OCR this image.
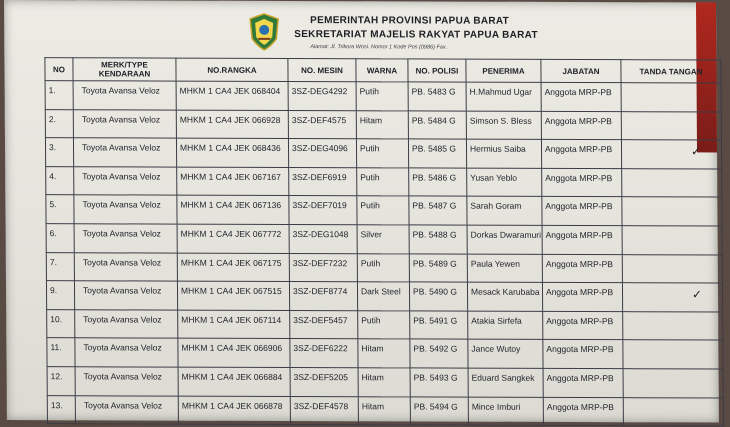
PEMERINTAH PROVINSI PAPUA BARAT
SEKRETARIAT MAJELIS RAKYAT PAPUA BARAT
Alamat: Jl. Trikora Wosi. Nomor 1 Kode Pos (0986) Fax.
NO	MERK/TYPE KENDARAAN	NO.RANGKA	NO. MESIN	WARNA	NO. POLISI	PENERIMA	JABATAN	TANDA TANGAN
1.	Toyota Avansa Veloz	MHKM 1 CA4 JEK 068404	3SZ-DEG4292	Putih	PB. 5483 G	H.Mahmud Ugar	Anggota MRP-PB	
2.	Toyota Avansa Veloz	MHKM 1 CA4 JEK 066928	3SZ-DEF4575	Hitam	PB. 5484 G	Simson S. Bless	Anggota MRP-PB	
3.	Toyota Avansa Veloz	MHKM 1 CA4 JEK 068436	3SZ-DEG4096	Putih	PB. 5485 G	Hermius Saiba	Anggota MRP-PB	✓
4.	Toyota Avansa Veloz	MHKM 1 CA4 JEK 067167	3SZ-DEF6919	Putih	PB. 5486 G	Yusan Yeblo	Anggota MRP-PB	
5.	Toyota Avansa Veloz	MHKM 1 CA4 JEK 067136	3SZ-DEF7019	Putih	PB. 5487 G	Sarah Goram	Anggota MRP-PB	
6.	Toyota Avansa Veloz	MHKM 1 CA4 JEK 067772	3SZ-DEG1048	Silver	PB. 5488 G	Dorkas Dwaramuri	Anggota MRP-PB	
7.	Toyota Avansa Veloz	MHKM 1 CA4 JEK 067175	3SZ-DEF7232	Putih	PB. 5489 G	Paula Yewen	Anggota MRP-PB	
9.	Toyota Avansa Veloz	MHKM 1 CA4 JEK 067515	3SZ-DEF8774	Dark Steel	PB. 5490 G	Mesack Karubaba	Anggota MRP-PB	✓
10.	Toyota Avansa Veloz	MHKM 1 CA4 JEK 067114	3SZ-DEF5457	Putih	PB. 5491 G	Atakia Sirfefa	Anggota MRP-PB	
11.	Toyota Avansa Veloz	MHKM 1 CA4 JEK 066906	3SZ-DEF6222	Hitam	PB. 5492 G	Jance Wutoy	Anggota MRP-PB	
12.	Toyota Avansa Veloz	MHKM 1 CA4 JEK 066884	3SZ-DEF5205	Hitam	PB. 5493 G	Eduard Sangkek	Anggota MRP-PB	
13.	Toyota Avansa Veloz	MHKM 1 CA4 JEK 066878	3SZ-DEF4578	Hitam	PB. 5494 G	Mince Imburi	Anggota MRP-PB	
